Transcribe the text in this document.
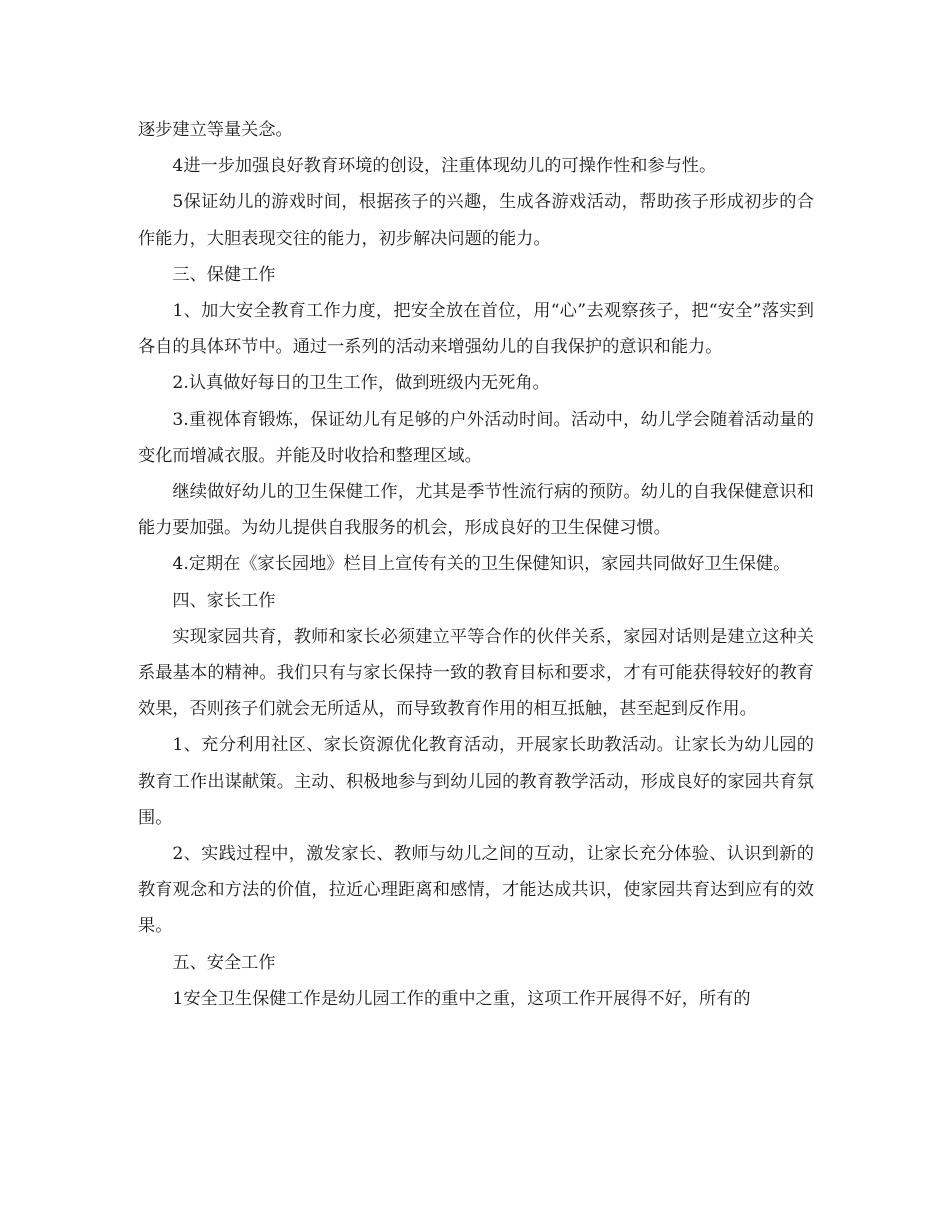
逐步建立等量关念。

4进一步加强良好教育环境的创设，注重体现幼儿的可操作性和参与性。

5保证幼儿的游戏时间，根据孩子的兴趣，生成各游戏活动，帮助孩子形成初步的合作能力，大胆表现交往的能力，初步解决问题的能力。

三、保健工作

1、加大安全教育工作力度，把安全放在首位，用“心”去观察孩子，把“安全”落实到各自的具体环节中。通过一系列的活动来增强幼儿的自我保护的意识和能力。

2.认真做好每日的卫生工作，做到班级内无死角。

3.重视体育锻炼，保证幼儿有足够的户外活动时间。活动中，幼儿学会随着活动量的变化而增减衣服。并能及时收拾和整理区域。

继续做好幼儿的卫生保健工作，尤其是季节性流行病的预防。幼儿的自我保健意识和能力要加强。为幼儿提供自我服务的机会，形成良好的卫生保健习惯。

4.定期在《家长园地》栏目上宣传有关的卫生保健知识，家园共同做好卫生保健。

四、家长工作

实现家园共育，教师和家长必须建立平等合作的伙伴关系，家园对话则是建立这种关系最基本的精神。我们只有与家长保持一致的教育目标和要求，才有可能获得较好的教育效果，否则孩子们就会无所适从，而导致教育作用的相互抵触，甚至起到反作用。

1、充分利用社区、家长资源优化教育活动，开展家长助教活动。让家长为幼儿园的教育工作出谋献策。主动、积极地参与到幼儿园的教育教学活动，形成良好的家园共育氛围。

2、实践过程中，激发家长、教师与幼儿之间的互动，让家长充分体验、认识到新的教育观念和方法的价值，拉近心理距离和感情，才能达成共识，使家园共育达到应有的效果。

五、安全工作

1安全卫生保健工作是幼儿园工作的重中之重，这项工作开展得不好，所有的
